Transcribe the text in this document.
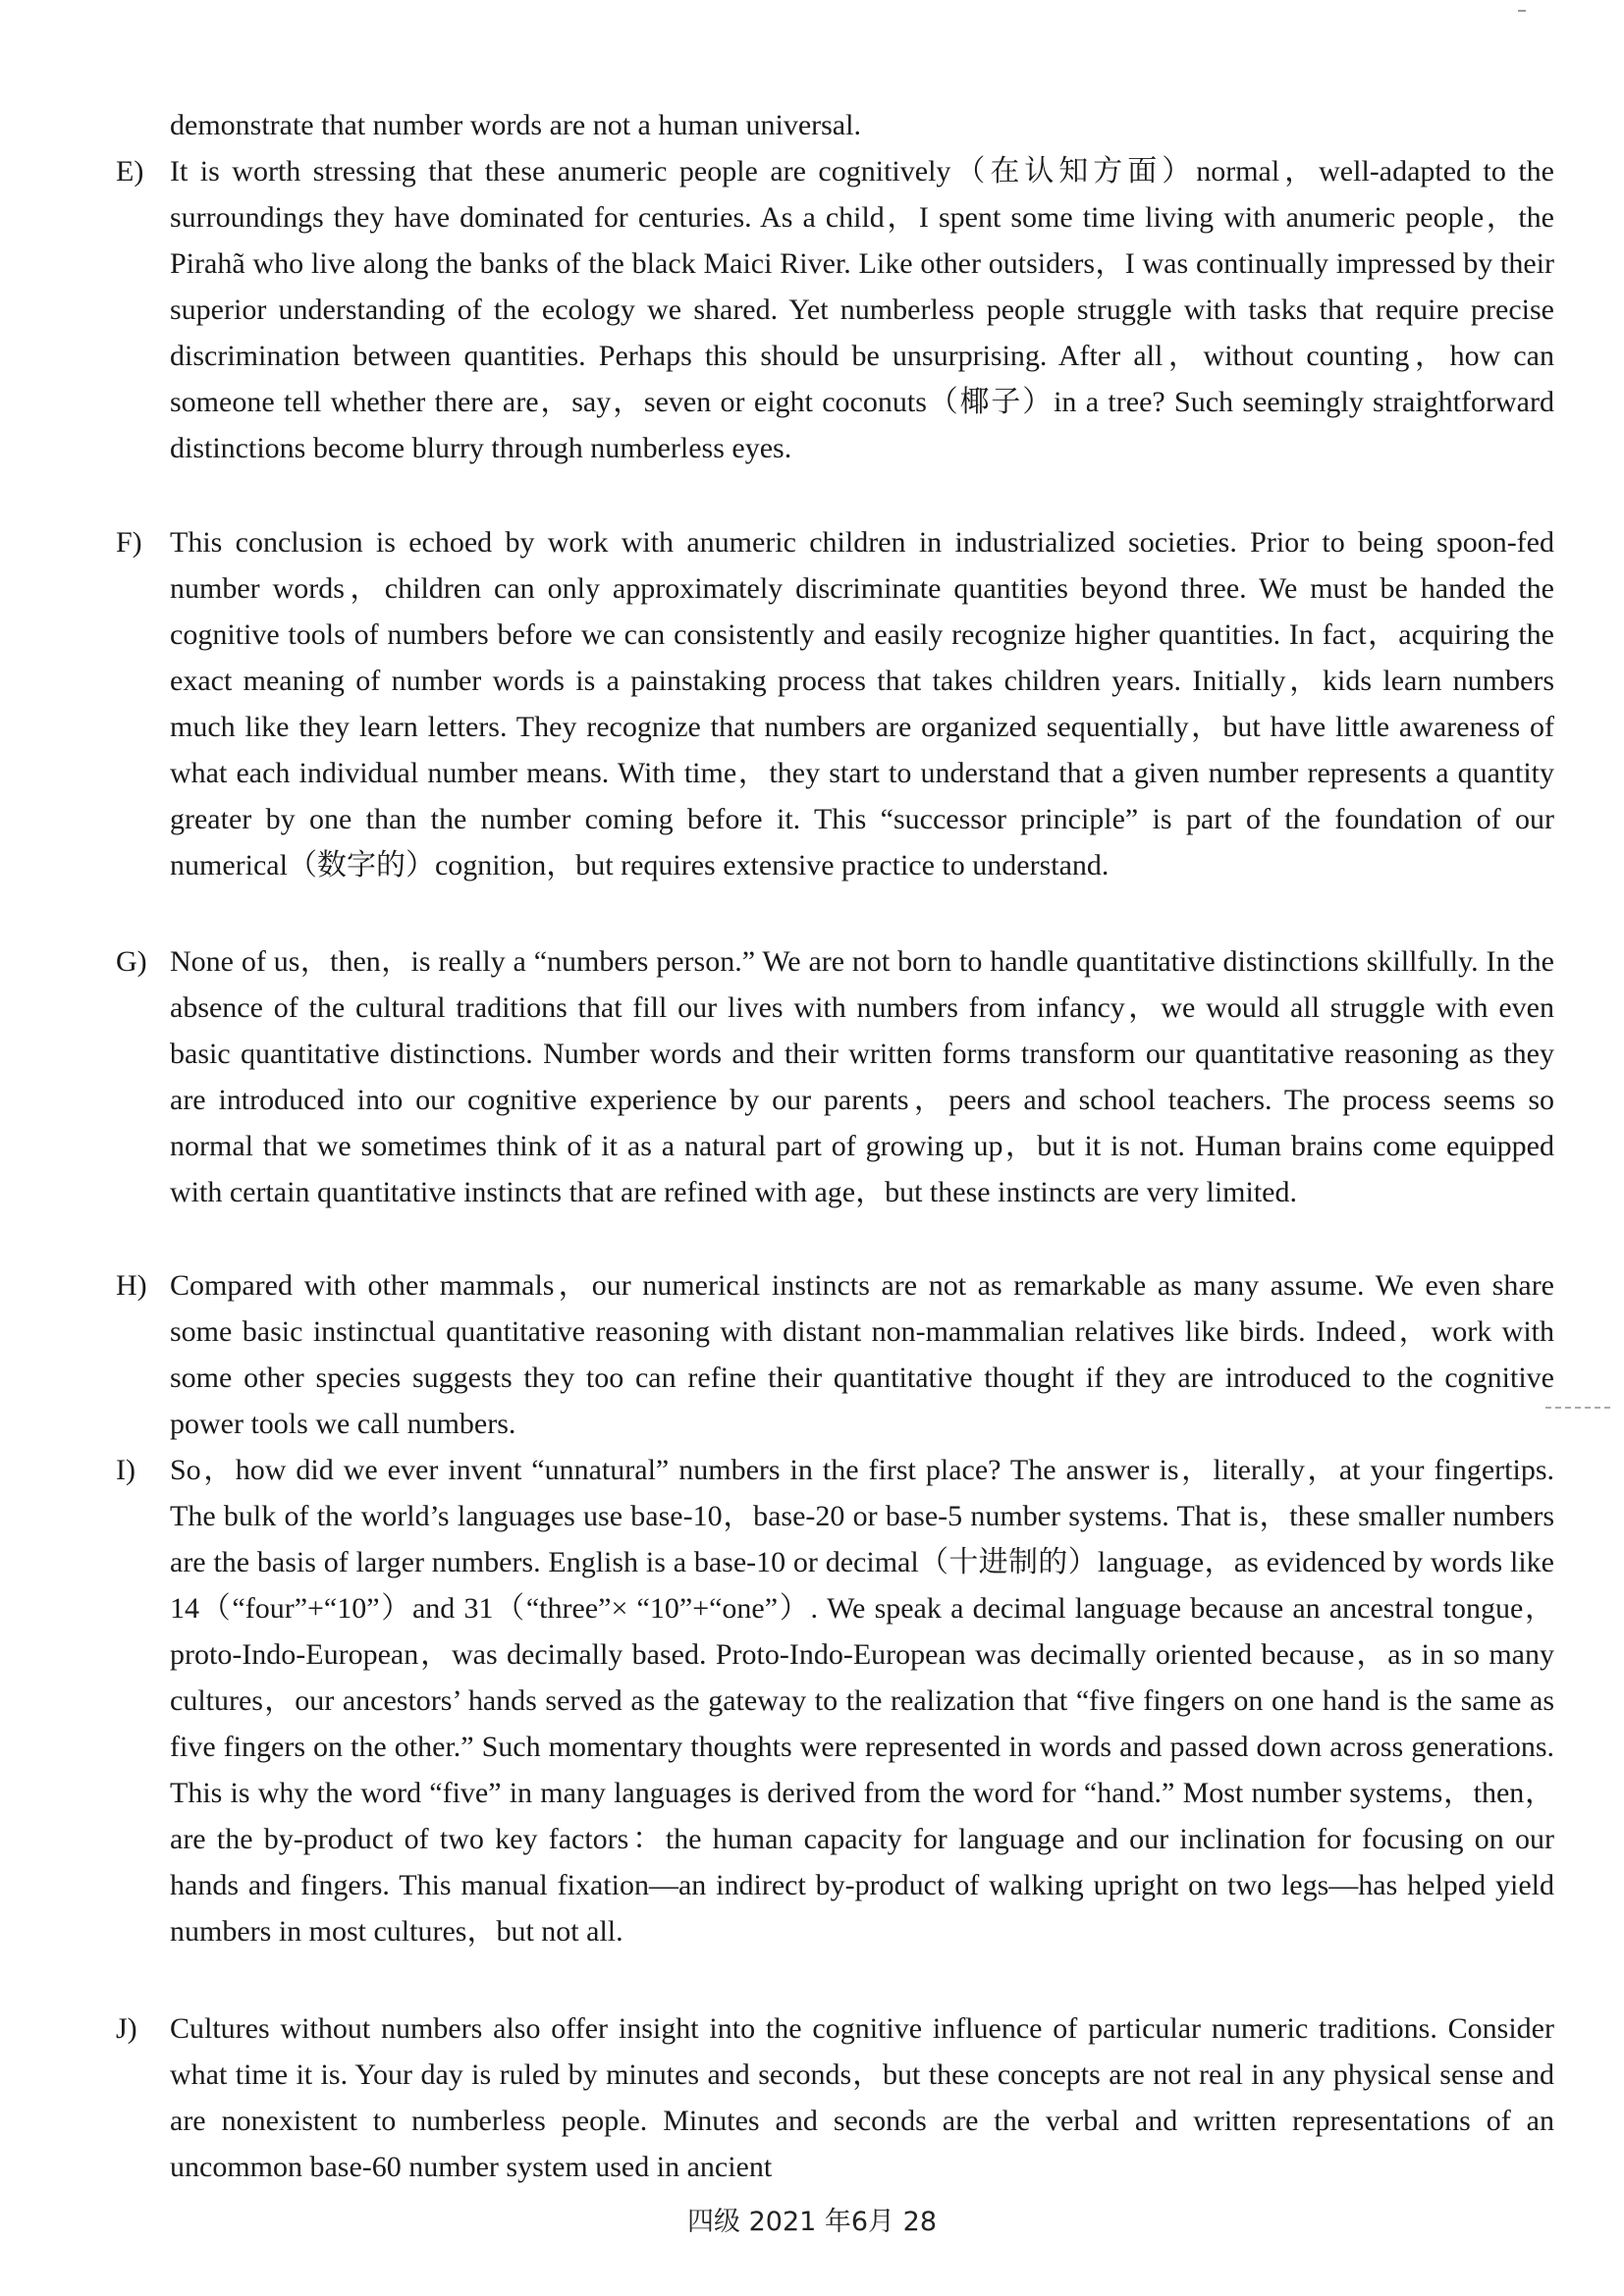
demonstrate that number words are not a human universal.
E) It is worth stressing that these anumeric people are cognitively（在认知方面）normal，well-adapted to the surroundings they have dominated for centuries. As a child，I spent some time living with anumeric people，the Pirahã who live along the banks of the black Maici River. Like other outsiders，I was continually impressed by their superior understanding of the ecology we shared. Yet numberless people struggle with tasks that require precise discrimination between quantities. Perhaps this should be unsurprising. After all，without counting，how can someone tell whether there are，say，seven or eight coconuts（椰子）in a tree? Such seemingly straightforward distinctions become blurry through numberless eyes.
F) This conclusion is echoed by work with anumeric children in industrialized societies. Prior to being spoon-fed number words，children can only approximately discriminate quantities beyond three. We must be handed the cognitive tools of numbers before we can consistently and easily recognize higher quantities. In fact，acquiring the exact meaning of number words is a painstaking process that takes children years. Initially，kids learn numbers much like they learn letters. They recognize that numbers are organized sequentially，but have little awareness of what each individual number means. With time，they start to understand that a given number represents a quantity greater by one than the number coming before it. This “successor principle” is part of the foundation of our numerical（数字的）cognition，but requires extensive practice to understand.
G) None of us，then，is really a “numbers person.” We are not born to handle quantitative distinctions skillfully. In the absence of the cultural traditions that fill our lives with numbers from infancy，we would all struggle with even basic quantitative distinctions. Number words and their written forms transform our quantitative reasoning as they are introduced into our cognitive experience by our parents，peers and school teachers. The process seems so normal that we sometimes think of it as a natural part of growing up，but it is not. Human brains come equipped with certain quantitative instincts that are refined with age，but these instincts are very limited.
H) Compared with other mammals，our numerical instincts are not as remarkable as many assume. We even share some basic instinctual quantitative reasoning with distant non-mammalian relatives like birds. Indeed，work with some other species suggests they too can refine their quantitative thought if they are introduced to the cognitive power tools we call numbers.
I)	So，how did we ever invent “unnatural” numbers in the first place? The answer is，literally，at your fingertips. The bulk of the world’s languages use base-10，base-20 or base-5 number systems. That is，these smaller numbers are the basis of larger numbers. English is a base-10 or decimal（十进制的）language，as evidenced by words like 14（“four”+“10”）and 31（“three”× “10”+“one”）. We speak a decimal language because an ancestral tongue，proto-Indo-European，was decimally based. Proto-Indo-European was decimally oriented because，as in so many cultures，our ancestors’ hands served as the gateway to the realization that “five fingers on one hand is the same as five fingers on the other.” Such momentary thoughts were represented in words and passed down across generations. This is why the word “five” in many languages is derived from the word for “hand.” Most number systems，then，are the by-product of two key factors：the human capacity for language and our inclination for focusing on our hands and fingers. This manual fixation—an indirect by-product of walking upright on two legs—has helped yield numbers in most cultures，but not all.
J)	Cultures without numbers also offer insight into the cognitive influence of particular numeric traditions. Consider what time it is. Your day is ruled by minutes and seconds，but these concepts are not real in any physical sense and are nonexistent to numberless people. Minutes and seconds are the verbal and written representations of an uncommon base-60 number system used in ancient
四级 2021 年6月 28
